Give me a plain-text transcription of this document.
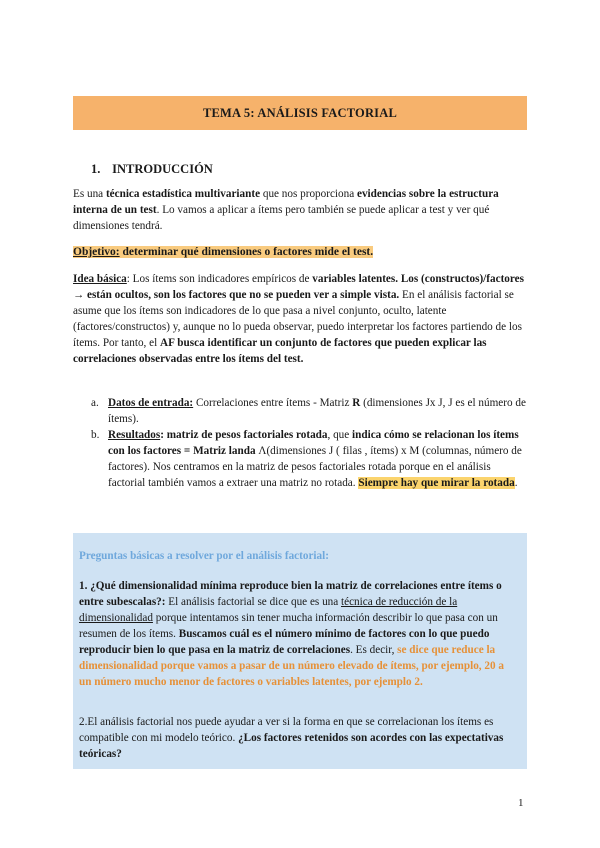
TEMA 5: ANÁLISIS FACTORIAL
1. INTRODUCCIÓN
Es una técnica estadística multivariante que nos proporciona evidencias sobre la estructura interna de un test. Lo vamos a aplicar a ítems pero también se puede aplicar a test y ver qué dimensiones tendrá.
Objetivo: determinar qué dimensiones o factores mide el test.
Idea básica: Los ítems son indicadores empíricos de variables latentes. Los (constructos)/factores → están ocultos, son los factores que no se pueden ver a simple vista. En el análisis factorial se asume que los ítems son indicadores de lo que pasa a nivel conjunto, oculto, latente (factores/constructos) y, aunque no lo pueda observar, puedo interpretar los factores partiendo de los ítems. Por tanto, el AF busca identificar un conjunto de factores que pueden explicar las correlaciones observadas entre los ítems del test.
a. Datos de entrada: Correlaciones entre ítems - Matriz R (dimensiones Jx J, J es el número de ítems).
b. Resultados: matriz de pesos factoriales rotada, que indica cómo se relacionan los ítems con los factores = Matriz landa Λ(dimensiones J ( filas , ítems) x M (columnas, número de factores). Nos centramos en la matriz de pesos factoriales rotada porque en el análisis factorial también vamos a extraer una matriz no rotada. Siempre hay que mirar la rotada.
Preguntas básicas a resolver por el análisis factorial:
1. ¿Qué dimensionalidad mínima reproduce bien la matriz de correlaciones entre ítems o entre subescalas?: El análisis factorial se dice que es una técnica de reducción de la dimensionalidad porque intentamos sin tener mucha información describir lo que pasa con un resumen de los ítems. Buscamos cuál es el número mínimo de factores con lo que puedo reproducir bien lo que pasa en la matriz de correlaciones. Es decir, se dice que reduce la dimensionalidad porque vamos a pasar de un número elevado de ítems, por ejemplo, 20 a un número mucho menor de factores o variables latentes, por ejemplo 2.
2.El análisis factorial nos puede ayudar a ver si la forma en que se correlacionan los ítems es compatible con mi modelo teórico. ¿Los factores retenidos son acordes con las expectativas teóricas?
1
